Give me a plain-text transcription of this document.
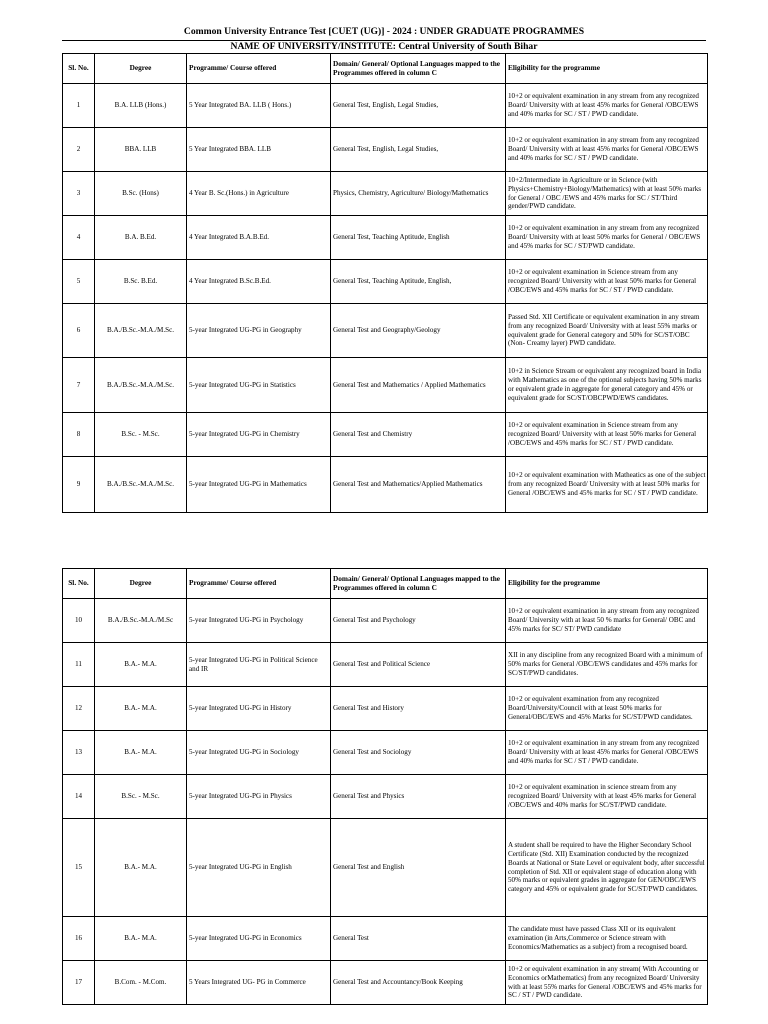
Common University Entrance Test [CUET (UG)] - 2024 : UNDER GRADUATE PROGRAMMES
NAME OF UNIVERSITY/INSTITUTE: Central University of South Bihar
Sl. No.	Degree	Programme/ Course offered	Domain/ General/ Optional Languages mapped to the Programmes offered in column C	Eligibility for the programme
1	B.A. LLB (Hons.)	5 Year Integrated BA. LLB ( Hons.)	General Test, English, Legal Studies,	10+2 or equivalent examination in any stream from any recognized Board/ University with at least 45% marks for General /OBC/EWS and 40% marks for SC / ST / PWD candidate.
2	BBA. LLB	5 Year Integrated BBA. LLB	General Test, English, Legal Studies,	10+2 or equivalent examination in any stream from any recognized Board/ University with at least 45% marks for General /OBC/EWS and 40% marks for SC / ST / PWD candidate.
3	B.Sc. (Hons)	4 Year B. Sc.(Hons.) in Agriculture	Physics, Chemistry, Agriculture/ Biology/Mathematics	10+2/Intermediate in Agriculture or in Science (with Physics+Chemistry+Biology/Mathematics) with at least 50% marks for General / OBC /EWS and 45% marks for SC / ST/Third gender/PWD candidate.
4	B.A. B.Ed.	4 Year Integrated B.A.B.Ed.	General Test, Teaching Aptitude, English	10+2 or equivalent examination in any stream from any recognized Board/ University with at least 50% marks for General / OBC/EWS and 45% marks for SC / ST/PWD candidate.
5	B.Sc. B.Ed.	4 Year Integrated B.Sc.B.Ed.	General Test, Teaching Aptitude, English,	10+2 or equivalent examination in Science stream from any recognized Board/ University with at least 50% marks for General /OBC/EWS and 45% marks for SC / ST / PWD candidate.
6	B.A./B.Sc.-M.A./M.Sc.	5-year Integrated UG-PG in Geography	General Test and Geography/Geology	Passed Std. XII Certificate or equivalent examination in any stream from any recognized Board/ University with at least 55% marks or equivalent grade for General category and 50% for SC/ST/OBC (Non- Creamy layer) PWD candidate.
7	B.A./B.Sc.-M.A./M.Sc.	5-year Integrated UG-PG in Statistics	General Test and Mathematics / Applied Mathematics	10+2 in Science Stream or equivalent any recognized board in India with Mathematics as one of the optional subjects having 50% marks or equivalent grade in aggregate for general category and 45% or equivalent grade for SC/ST/OBCPWD/EWS candidates.
8	B.Sc. - M.Sc.	5-year Integrated UG-PG in Chemistry	General Test and Chemistry	10+2 or equivalent examination in Science stream from any recognized Board/ University with at least 50% marks for General /OBC/EWS and 45% marks for SC / ST / PWD candidate.
9	B.A./B.Sc.-M.A./M.Sc.	5-year Integrated UG-PG in Mathematics	General Test and Mathematics/Applied Mathematics	10+2 or equivalent examination with Matheatics as one of the subject from any recognized Board/ University with at least 50% marks for General /OBC/EWS and 45% marks for SC / ST / PWD candidate.
Sl. No.	Degree	Programme/ Course offered	Domain/ General/ Optional Languages mapped to the Programmes offered in column C	Eligibility for the programme
10	B.A./B.Sc.-M.A./M.Sc	5-year Integrated UG-PG in Psychology	General Test and Psychology	10+2 or equivalent examination in any stream from any recognized Board/ University with at least 50 % marks for General/ OBC and 45% marks for SC/ ST/ PWD candidate
11	B.A.- M.A.	5-year Integrated UG-PG in Political Science and IR	General Test and Political Science	XII in any discipline from any recognized Board with a minimum of 50% marks for General /OBC/EWS candidates and 45% marks for SC/ST/PWD candidates.
12	B.A.- M.A.	5-year Integrated UG-PG in History	General Test and History	10+2 or equivalent examination from any recognized Board/University/Council with at least 50% marks for General/OBC/EWS and 45% Marks for SC/ST/PWD candidates.
13	B.A.- M.A.	5-year Integrated UG-PG in Sociology	General Test and Sociology	10+2 or equivalent examination in any stream from any recognized Board/ University with at least 45% marks for General /OBC/EWS and 40% marks for SC / ST / PWD candidate.
14	B.Sc. - M.Sc.	5-year Integrated UG-PG in Physics	General Test and Physics	10+2 or equivalent examination in science stream from any recognized Board/ University with at least 45% marks for General /OBC/EWS and 40% marks for SC/ST/PWD candidate.
15	B.A.- M.A.	5-year Integrated UG-PG in English	General Test and English	A student shall be required to have the Higher Secondary School Certificate (Std. XII) Examination conducted by the recognized Boards at National or State Level or equivalent body, after successful completion of Std. XII or equivalent stage of education along with 50% marks or equivalent grades in aggregate for GEN/OBC/EWS category and 45% or equivalent grade for SC/ST/PWD candidates.
16	B.A.- M.A.	5-year Integrated UG-PG in Economics	General Test	The candidate must have passed Class XII or its equivalent examination (in Arts,Commerce or Science stream with Economics/Mathematics as a subject) from a recognised board.
17	B.Com. - M.Com.	5 Years Integrated UG- PG in Commerce	General Test and Accountancy/Book Keeping	10+2 or equivalent examination in any stream( With Accounting or Economics orMathematics) from any recognized Board/ University with at least 55% marks for General /OBC/EWS and 45% marks for SC / ST / PWD candidate.
